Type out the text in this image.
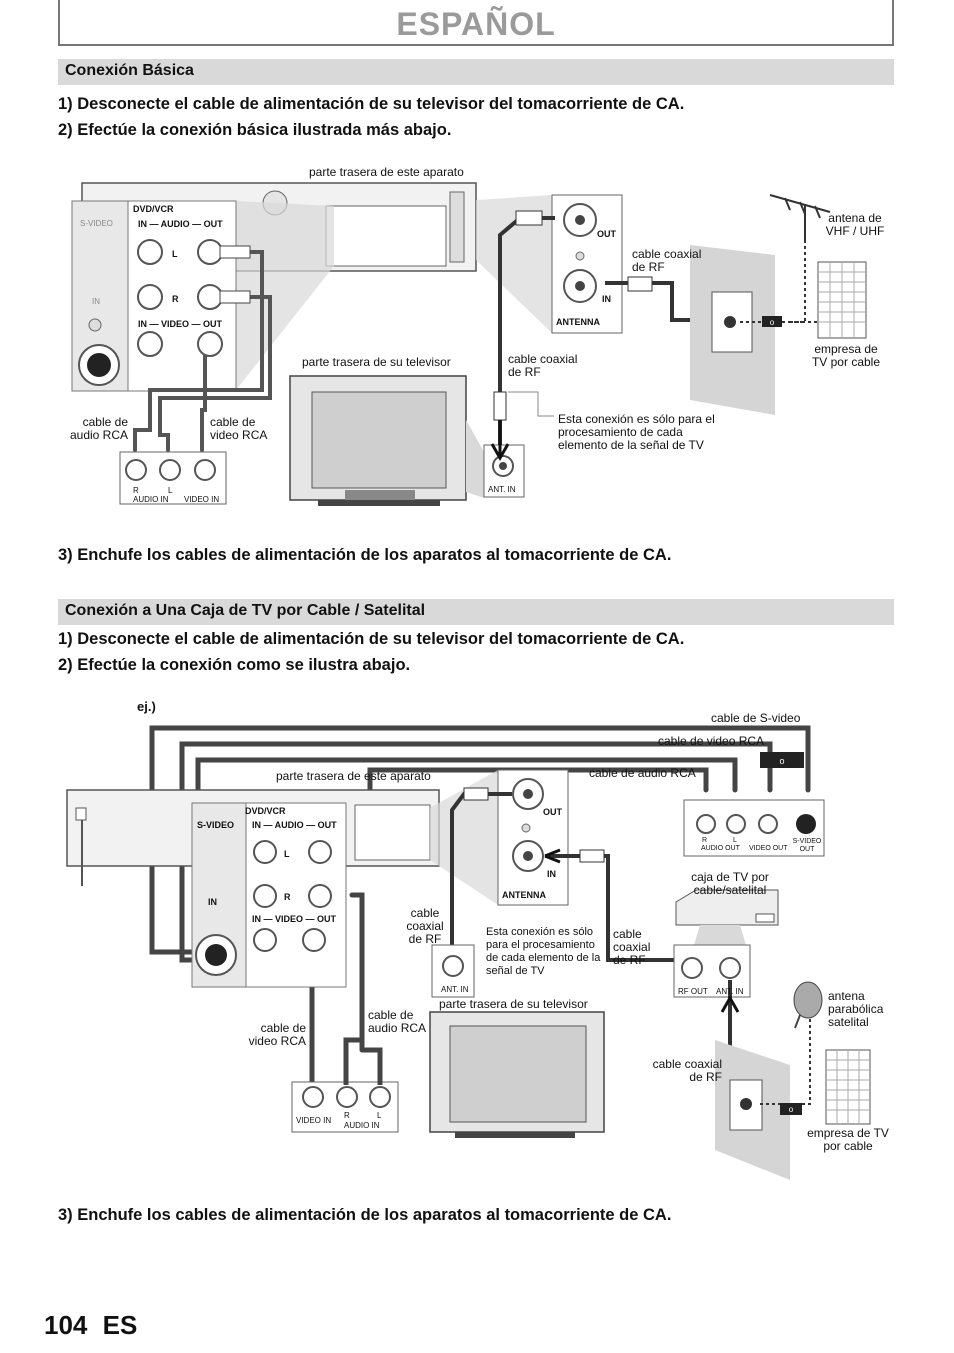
ESPAÑOL
Conexión Básica
1) Desconecte el cable de alimentación de su televisor del tomacorriente de CA.
2) Efectúe la conexión básica ilustrada más abajo.
o
o
o
parte trasera de este aparato
DVD/VCR
S-VIDEO	IN — AUDIO — OUT
L
R
IN
IN — VIDEO — OUT
OUT
IN
ANTENNA
cable coaxial de RF
cable coaxial de RF
antena de VHF / UHF
empresa de TV por cable
parte trasera de su televisor
cable de audio RCA
cable de video RCA
Esta conexión es sólo para el procesamiento de cada elemento de la señal de TV
R	L
AUDIO IN VIDEO IN
ANT. IN
3) Enchufe los cables de alimentación de los aparatos al tomacorriente de CA.
Conexión a Una Caja de TV por Cable / Satelital
1) Desconecte el cable de alimentación de su televisor del tomacorriente de CA.
2) Efectúe la conexión como se ilustra abajo.
ej.)
cable de S-video
cable de video RCA
cable de audio RCA
parte trasera de este aparato
DVD/VCR
S-VIDEO IN — AUDIO — OUT
L
R
IN
IN — VIDEO — OUT
OUT
IN
ANTENNA
cable coaxial de RF	Esta conexión es sólo para el procesamiento de cada elemento de la señal de TV
cable coaxial de RF
caja de TV por cable/satelital
RF OUT ANT. IN
ANT. IN
parte trasera de su televisor
antena parabólica satelital
cable de video RCA
cable de audio RCA
cable coaxial de RF
empresa de TV por cable
VIDEO IN
R	L
AUDIO IN
R	L
AUDIO OUT VIDEO OUT
S-VIDEO OUT
3) Enchufe los cables de alimentación de los aparatos al tomacorriente de CA.
104 ES
